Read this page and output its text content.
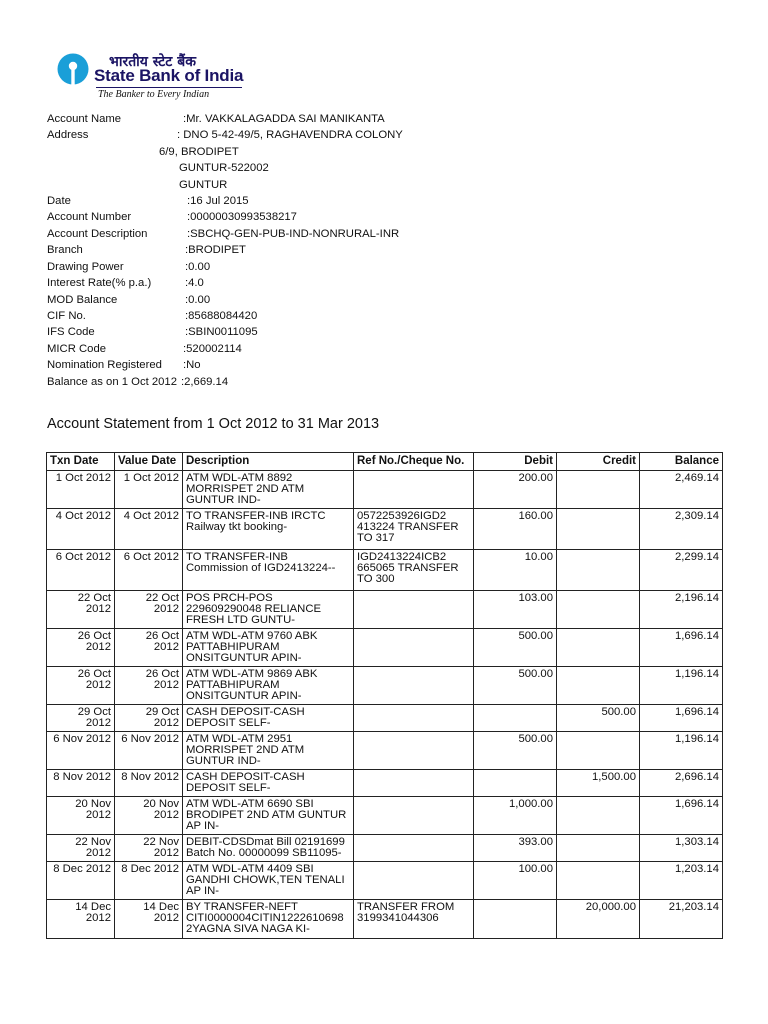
भारतीय स्टेट बैंक
State Bank of India
The Banker to Every Indian
Account Name	:Mr. VAKKALAGADDA SAI MANIKANTA
Address	: DNO 5-42-49/5, RAGHAVENDRA COLONY
6/9, BRODIPET
GUNTUR-522002
GUNTUR
Date	:16 Jul 2015
Account Number	:00000030993538217
Account Description	:SBCHQ-GEN-PUB-IND-NONRURAL-INR
Branch	:BRODIPET
Drawing Power	:0.00
Interest Rate(% p.a.)	:4.0
MOD Balance	:0.00
CIF No.	:85688084420
IFS Code	:SBIN0011095
MICR Code	:520002114
Nomination Registered :No
Balance as on 1 Oct 2012 :2,669.14
Account Statement from 1 Oct 2012 to 31 Mar 2013
Txn Date	Value Date	Description	Ref No./Cheque No.	Debit	Credit	Balance
1 Oct 2012	1 Oct 2012	ATM WDL-ATM 8892 MORRISPET 2ND ATM GUNTUR IND-		200.00		2,469.14
4 Oct 2012	4 Oct 2012	TO TRANSFER-INB IRCTC Railway tkt booking-	0572253926IGD2 413224 TRANSFER TO 317	160.00		2,309.14
6 Oct 2012	6 Oct 2012	TO TRANSFER-INB Commission of IGD2413224--	IGD2413224ICB2 665065 TRANSFER TO 300	10.00		2,299.14
22 Oct 2012	22 Oct 2012	POS PRCH-POS 229609290048 RELIANCE FRESH LTD GUNTU-		103.00		2,196.14
26 Oct 2012	26 Oct 2012	ATM WDL-ATM 9760 ABK PATTABHIPURAM ONSITGUNTUR APIN-		500.00		1,696.14
26 Oct 2012	26 Oct 2012	ATM WDL-ATM 9869 ABK PATTABHIPURAM ONSITGUNTUR APIN-		500.00		1,196.14
29 Oct 2012	29 Oct 2012	CASH DEPOSIT-CASH DEPOSIT SELF-			500.00	1,696.14
6 Nov 2012	6 Nov 2012	ATM WDL-ATM 2951 MORRISPET 2ND ATM GUNTUR IND-		500.00		1,196.14
8 Nov 2012	8 Nov 2012	CASH DEPOSIT-CASH DEPOSIT SELF-			1,500.00	2,696.14
20 Nov 2012	20 Nov 2012	ATM WDL-ATM 6690 SBI BRODIPET 2ND ATM GUNTUR AP IN-		1,000.00		1,696.14
22 Nov 2012	22 Nov 2012	DEBIT-CDSDmat Bill 02191699 Batch No. 00000099 SB11095-		393.00		1,303.14
8 Dec 2012	8 Dec 2012	ATM WDL-ATM 4409 SBI GANDHI CHOWK,TEN TENALI AP IN-		100.00		1,203.14
14 Dec 2012	14 Dec 2012	BY TRANSFER-NEFT CITI0000004CITIN1222610698 2YAGNA SIVA NAGA KI-	TRANSFER FROM 3199341044306		20,000.00	21,203.14
